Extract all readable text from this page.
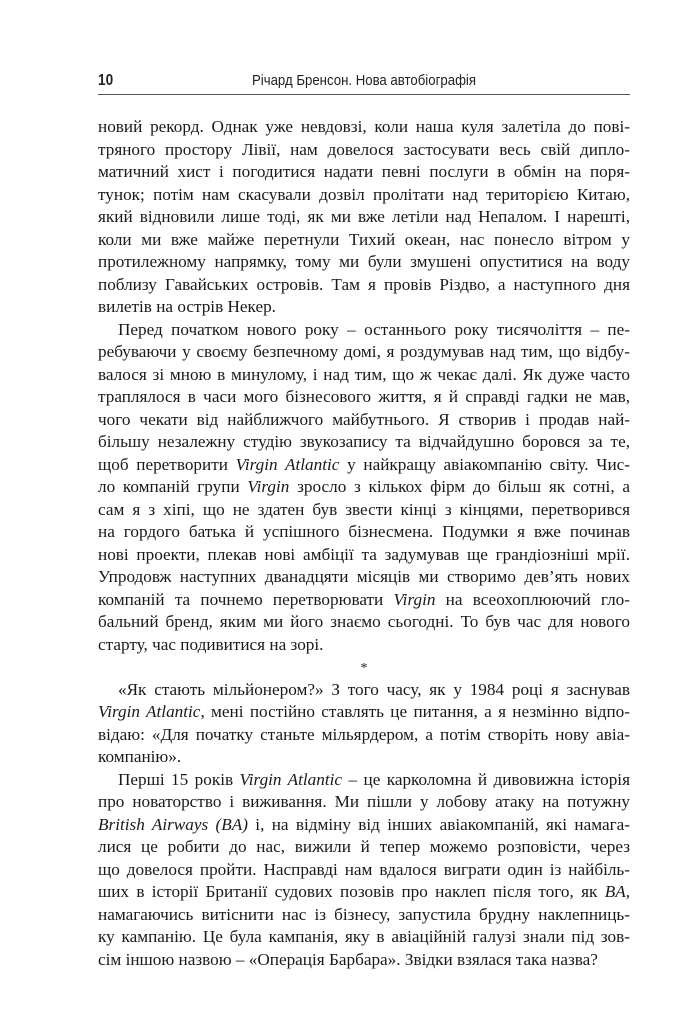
10	Річард Бренсон. Нова автобіографія
новий рекорд. Однак уже невдовзі, коли наша куля залетіла до пові-
тряного простору Лівії, нам довелося застосувати весь свій дипло-
матичний хист і погодитися надати певні послуги в обмін на поря-
тунок; потім нам скасували дозвіл пролітати над територією Китаю,
який відновили лише тоді, як ми вже летіли над Непалом. І нарешті,
коли ми вже майже перетнули Тихий океан, нас понесло вітром у
протилежному напрямку, тому ми були змушені опуститися на воду
поблизу Гавайських островів. Там я провів Різдво, а наступного дня
вилетів на острів Некер.
Перед початком нового року – останнього року тисячоліття – пе-
ребуваючи у своєму безпечному домі, я роздумував над тим, що відбу-
валося зі мною в минулому, і над тим, що ж чекає далі. Як дуже часто
траплялося в часи мого бізнесового життя, я й справді гадки не мав,
чого чекати від найближчого майбутнього. Я створив і продав най-
більшу незалежну студію звукозапису та відчайдушно боровся за те,
щоб перетворити Virgin Atlantic у найкращу авіакомпанію світу. Чис-
ло компаній групи Virgin зросло з кількох фірм до більш як сотні, а
сам я з хіпі, що не здатен був звести кінці з кінцями, перетворився
на гордого батька й успішного бізнесмена. Подумки я вже починав
нові проекти, плекав нові амбіції та задумував ще грандіозніші мрії.
Упродовж наступних дванадцяти місяців ми створимо дев’ять нових
компаній та почнемо перетворювати Virgin на всеохоплюючий гло-
бальний бренд, яким ми його знаємо сьогодні. То був час для нового
старту, час подивитися на зорі.
*
«Як стають мільйонером?» З того часу, як у 1984 році я заснував
Virgin Atlantic, мені постійно ставлять це питання, а я незмінно відпо-
відаю: «Для початку станьте мільярдером, а потім створіть нову авіа-
компанію».
Перші 15 років Virgin Atlantic – це карколомна й дивовижна історія
про новаторство і виживання. Ми пішли у лобову атаку на потужну
British Airways (BA) і, на відміну від інших авіакомпаній, які намага-
лися це робити до нас, вижили й тепер можемо розповісти, через
що довелося пройти. Насправді нам вдалося виграти один із найбіль-
ших в історії Британії судових позовів про наклеп після того, як BA,
намагаючись витіснити нас із бізнесу, запустила брудну наклепниць-
ку кампанію. Це була кампанія, яку в авіаційній галузі знали під зов-
сім іншою назвою – «Операція Барбара». Звідки взялася така назва?
